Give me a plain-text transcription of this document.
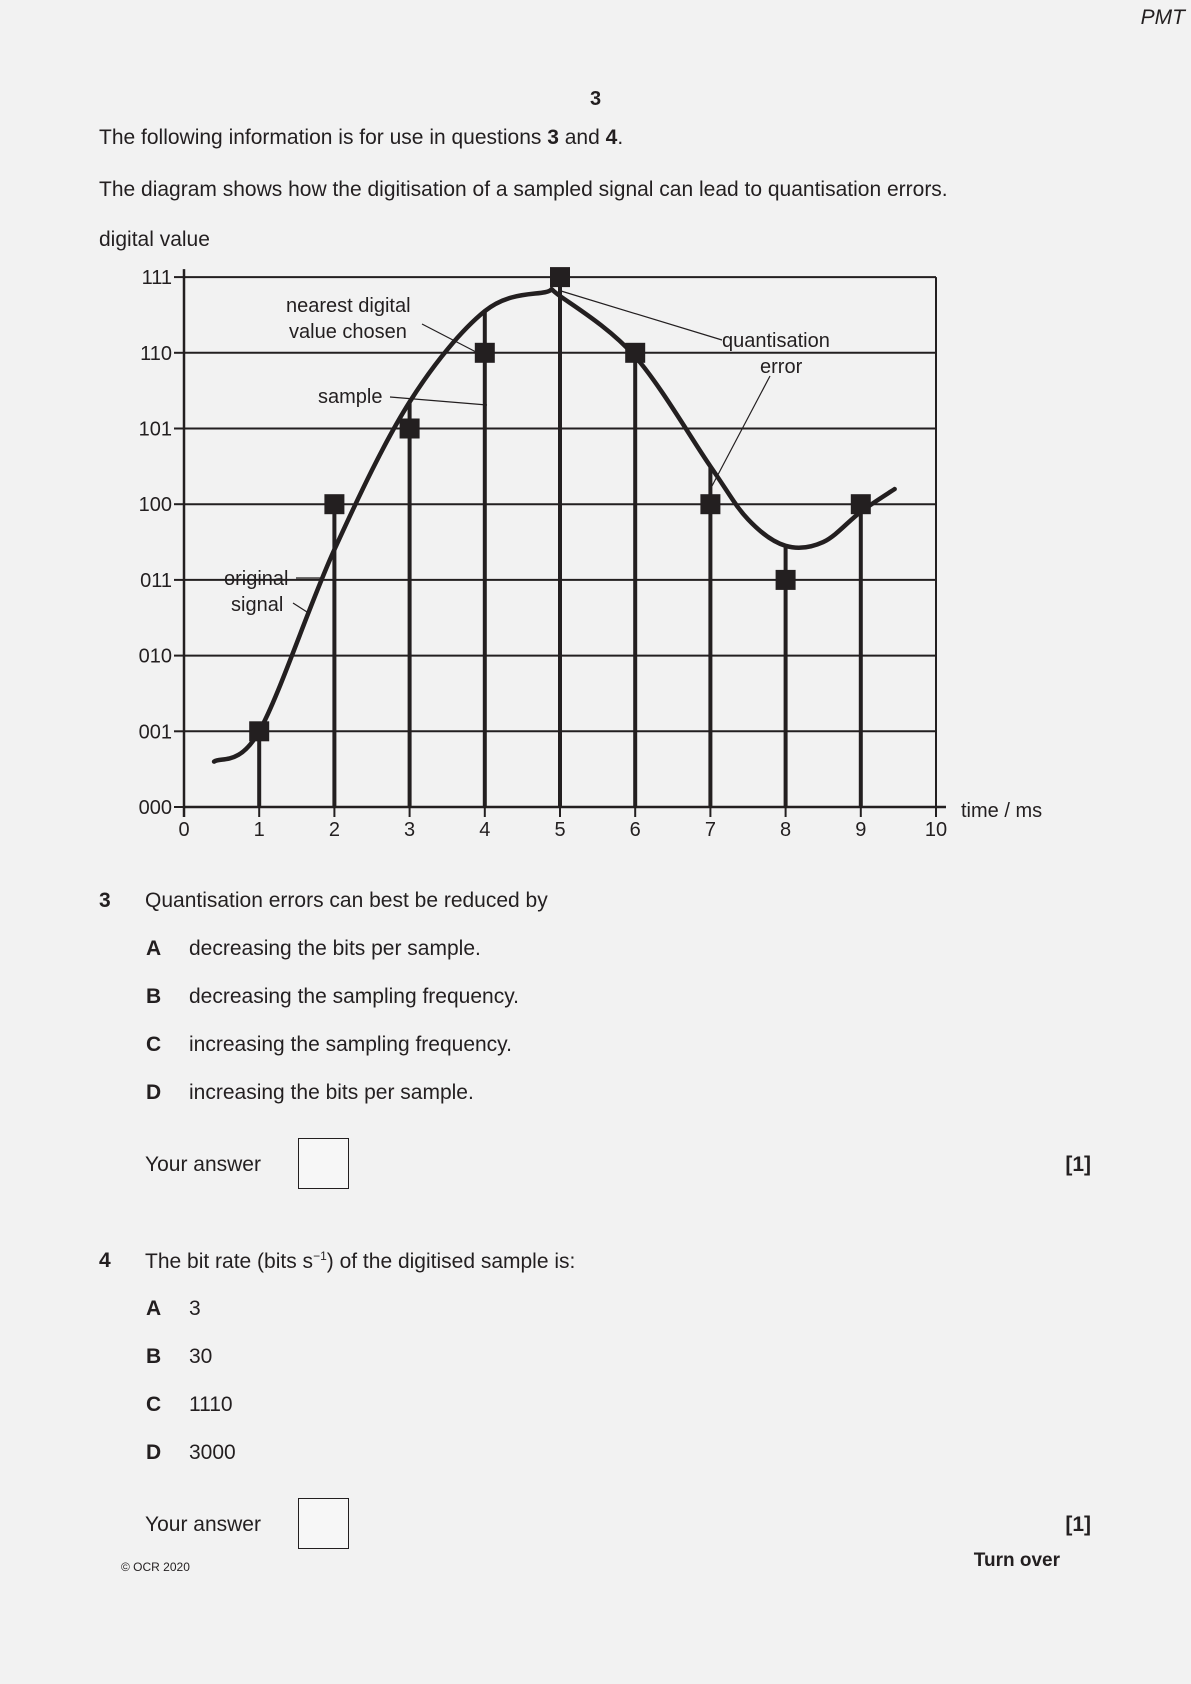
PMT
3
The following information is for use in questions 3 and 4.
The diagram shows how the digitisation of a sampled signal can lead to quantisation errors.
digital value
000
001
010
011
100
101
110
111
0	1	2	3	4	5	6	7	8	9	10
nearest digital value chosen
sample
original signal
quantisation error
time / ms
3 Quantisation errors can best be reduced by
A decreasing the bits per sample.
B decreasing the sampling frequency.
C increasing the sampling frequency.
D increasing the bits per sample.
Your answer	[1]
4 The bit rate (bits $s^{-1}$) of the digitised sample is:
A 3
B 30
C 1110
D 3000
Your answer	[1]
© OCR 2020	Turn over
